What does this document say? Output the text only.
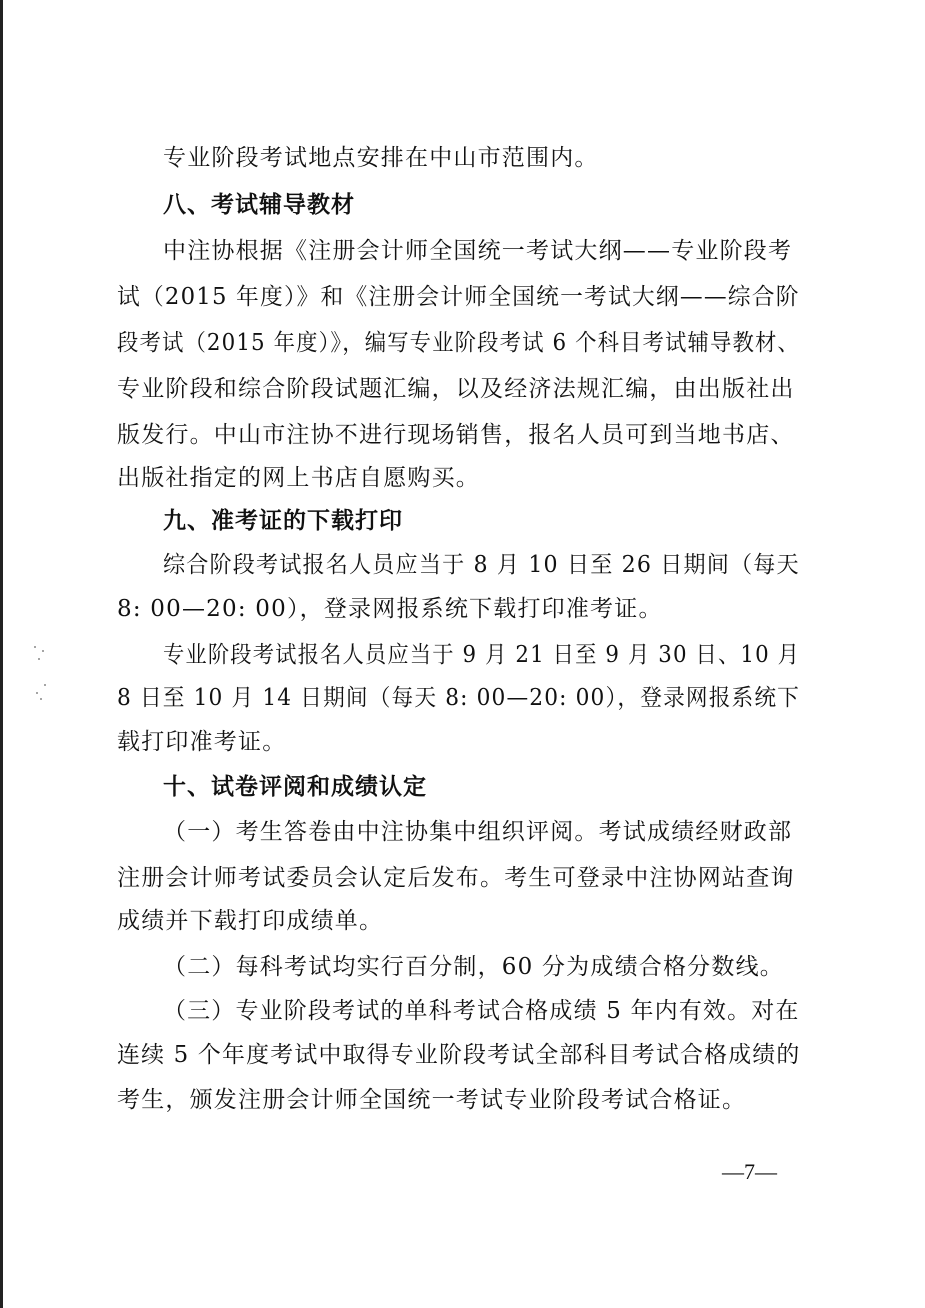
专业阶段考试地点安排在中山市范围内。
八、考试辅导教材
中注协根据《注册会计师全国统一考试大纲——专业阶段考
试（2015 年度）》和《注册会计师全国统一考试大纲——综合阶
段考试（2015 年度）》，编写专业阶段考试 6 个科目考试辅导教材、
专业阶段和综合阶段试题汇编，以及经济法规汇编，由出版社出
版发行。中山市注协不进行现场销售，报名人员可到当地书店、
出版社指定的网上书店自愿购买。
九、准考证的下载打印
综合阶段考试报名人员应当于 8 月 10 日至 26 日期间（每天
8: 00—20: 00），登录网报系统下载打印准考证。
专业阶段考试报名人员应当于 9 月 21 日至 9 月 30 日、10 月
8 日至 10 月 14 日期间（每天 8: 00—20: 00），登录网报系统下
载打印准考证。
十、试卷评阅和成绩认定
（一）考生答卷由中注协集中组织评阅。考试成绩经财政部
注册会计师考试委员会认定后发布。考生可登录中注协网站查询
成绩并下载打印成绩单。
（二）每科考试均实行百分制，60 分为成绩合格分数线。
（三）专业阶段考试的单科考试合格成绩 5 年内有效。对在
连续 5 个年度考试中取得专业阶段考试全部科目考试合格成绩的
考生，颁发注册会计师全国统一考试专业阶段考试合格证。
—7—
